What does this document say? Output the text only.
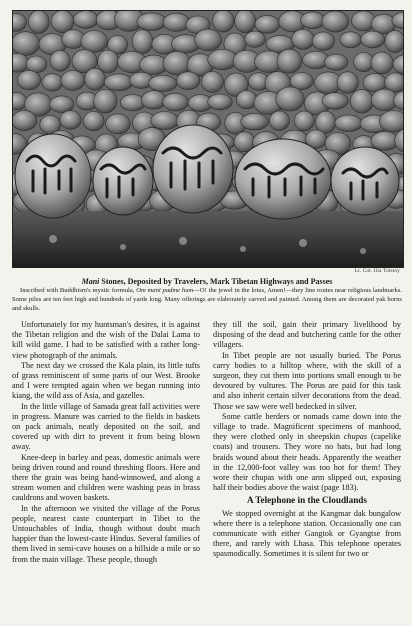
Lt. Col. Ilia Tolstoy
Mani Stones, Deposited by Travelers, Mark Tibetan Highways and Passes
Inscribed with Buddhism's mystic formula, Om mani padme hum—O! the jewel in the lotus, Amen!—they line routes near religious landmarks. Some piles are ten feet high and hundreds of yards long. Many offerings are elaborately carved and painted. Among them are decorated yak horns and skulls.

Unfortunately for my huntsman's desires, it is against the Tibetan religion and the wish of the Dalai Lama to kill wild game. I had to be satisfied with a rather long-view photograph of the animals.

The next day we crossed the Kala plain, its little tufts of grass reminiscent of some parts of our West. Brooke and I were tempted again when we began running into kiang, the wild ass of Asia, and gazelles.

In the little village of Samada great fall activities were in progress. Manure was carried to the fields in baskets on pack animals, neatly deposited on the soil, and covered up with dirt to prevent it from being blown away.

Knee-deep in barley and peas, domestic animals were being driven round and round threshing floors. Here and there the grain was being hand-winnowed, and along a stream women and children were washing peas in brass cauldrons and woven baskets.

In the afternoon we visited the village of the Porus people, nearest caste counterpart in Tibet to the Untouchables of India, though without doubt much happier than the lowest-caste Hindus. Several families of them lived in semi-cave houses on a hillside a mile or so from the main village. These people, though

they till the soil, gain their primary livelihood by disposing of the dead and butchering cattle for the other villagers.

In Tibet people are not usually buried. The Porus carry bodies to a hilltop where, with the skill of a surgeon, they cut them into portions small enough to be devoured by vultures. The Porus are paid for this task and also inherit certain silver decorations from the dead. Those we saw were well bedecked in silver.

Some cattle herders or nomads came down into the village to trade. Magnificent specimens of manhood, they were clothed only in sheepskin chupas (capelike coats) and trousers. They wore no hats, but had long braids wound about their heads. Apparently the weather in the 12,000-foot valley was too hot for them! They wore their chupas with one arm slipped out, exposing half their bodies above the waist (page 183).

A Telephone in the Cloudlands

We stopped overnight at the Kangmar dak bungalow where there is a telephone station. Occasionally one can communicate with either Gangtok or Gyangtse from there, and rarely with Lhasa. This telephone operates spasmodically. Sometimes it is silent for two or
